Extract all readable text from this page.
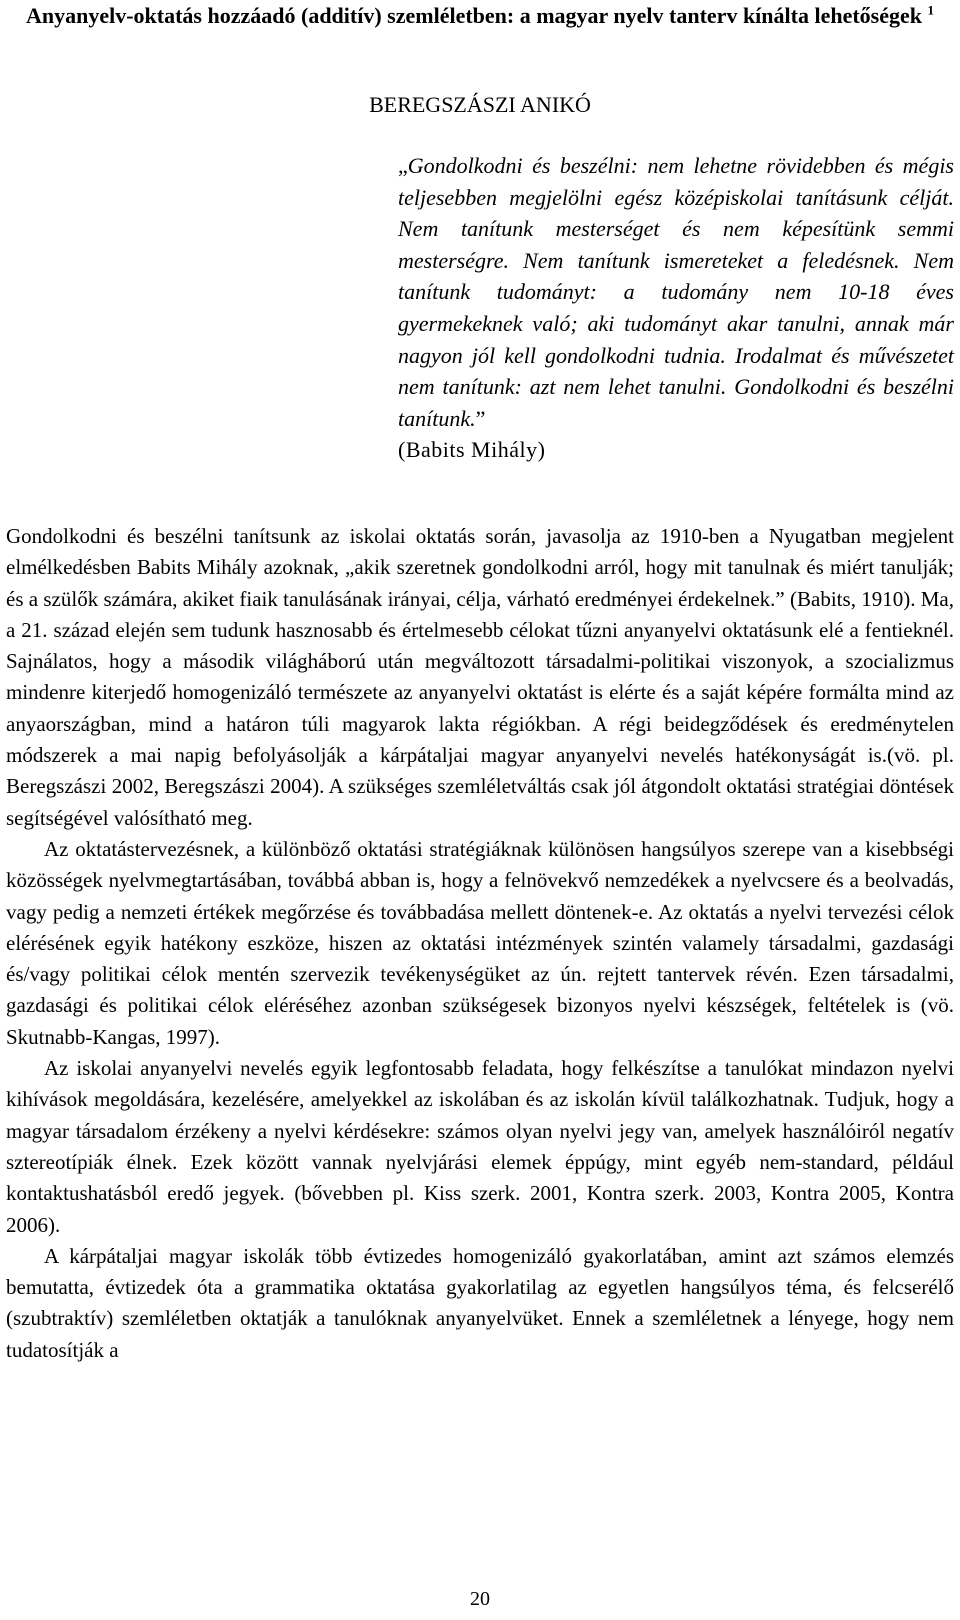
Anyanyelv-oktatás hozzáadó (additív) szemléletben: a magyar nyelv tanterv kínálta lehetőségek $^1$

BEREGSZÁSZI ANIKÓ

„Gondolkodni és beszélni: nem lehetne rövidebben és mégis teljesebben megjelölni egész középiskolai tanításunk célját. Nem tanítunk mesterséget és nem képesítünk semmi mesterségre. Nem tanítunk ismereteket a feledésnek. Nem tanítunk tudományt: a tudomány nem 10-18 éves gyermekeknek való; aki tudományt akar tanulni, annak már nagyon jól kell gondolkodni tudnia. Irodalmat és művészetet nem tanítunk: azt nem lehet tanulni. Gondolkodni és beszélni tanítunk.”
(Babits Mihály)

Gondolkodni és beszélni tanítsunk az iskolai oktatás során, javasolja az 1910-ben a Nyugatban megjelent elmélkedésben Babits Mihály azoknak, „akik szeretnek gondolkodni arról, hogy mit tanulnak és miért tanulják; és a szülők számára, akiket fiaik tanulásának irányai, célja, várható eredményei érdekelnek.” (Babits, 1910). Ma, a 21. század elején sem tudunk hasznosabb és értelmesebb célokat tűzni anyanyelvi oktatásunk elé a fentieknél. Sajnálatos, hogy a második világháború után megváltozott társadalmi-politikai viszonyok, a szocializmus mindenre kiterjedő homogenizáló természete az anyanyelvi oktatást is elérte és a saját képére formálta mind az anyaországban, mind a határon túli magyarok lakta régiókban. A régi beidegződések és eredménytelen módszerek a mai napig befolyásolják a kárpátaljai magyar anyanyelvi nevelés hatékonyságát is.(vö. pl. Beregszászi 2002, Beregszászi 2004). A szükséges szemléletváltás csak jól átgondolt oktatási stratégiai döntések segítségével valósítható meg.

Az oktatástervezésnek, a különböző oktatási stratégiáknak különösen hangsúlyos szerepe van a kisebbségi közösségek nyelvmegtartásában, továbbá abban is, hogy a felnövekvő nemzedékek a nyelvcsere és a beolvadás, vagy pedig a nemzeti értékek megőrzése és továbbadása mellett döntenek-e. Az oktatás a nyelvi tervezési célok elérésének egyik hatékony eszköze, hiszen az oktatási intézmények szintén valamely társadalmi, gazdasági és/vagy politikai célok mentén szervezik tevékenységüket az ún. rejtett tantervek révén. Ezen társadalmi, gazdasági és politikai célok eléréséhez azonban szükségesek bizonyos nyelvi készségek, feltételek is (vö. Skutnabb-Kangas, 1997).

Az iskolai anyanyelvi nevelés egyik legfontosabb feladata, hogy felkészítse a tanulókat mindazon nyelvi kihívások megoldására, kezelésére, amelyekkel az iskolában és az iskolán kívül találkozhatnak. Tudjuk, hogy a magyar társadalom érzékeny a nyelvi kérdésekre: számos olyan nyelvi jegy van, amelyek használóiról negatív sztereotípiák élnek. Ezek között vannak nyelvjárási elemek éppúgy, mint egyéb nem-standard, például kontaktushatásból eredő jegyek. (bővebben pl. Kiss szerk. 2001, Kontra szerk. 2003, Kontra 2005, Kontra 2006).

A kárpátaljai magyar iskolák több évtizedes homogenizáló gyakorlatában, amint azt számos elemzés bemutatta, évtizedek óta a grammatika oktatása gyakorlatilag az egyetlen hangsúlyos téma, és felcserélő (szubtraktív) szemléletben oktatják a tanulóknak anyanyelvüket. Ennek a szemléletnek a lényege, hogy nem tudatosítják a

20
